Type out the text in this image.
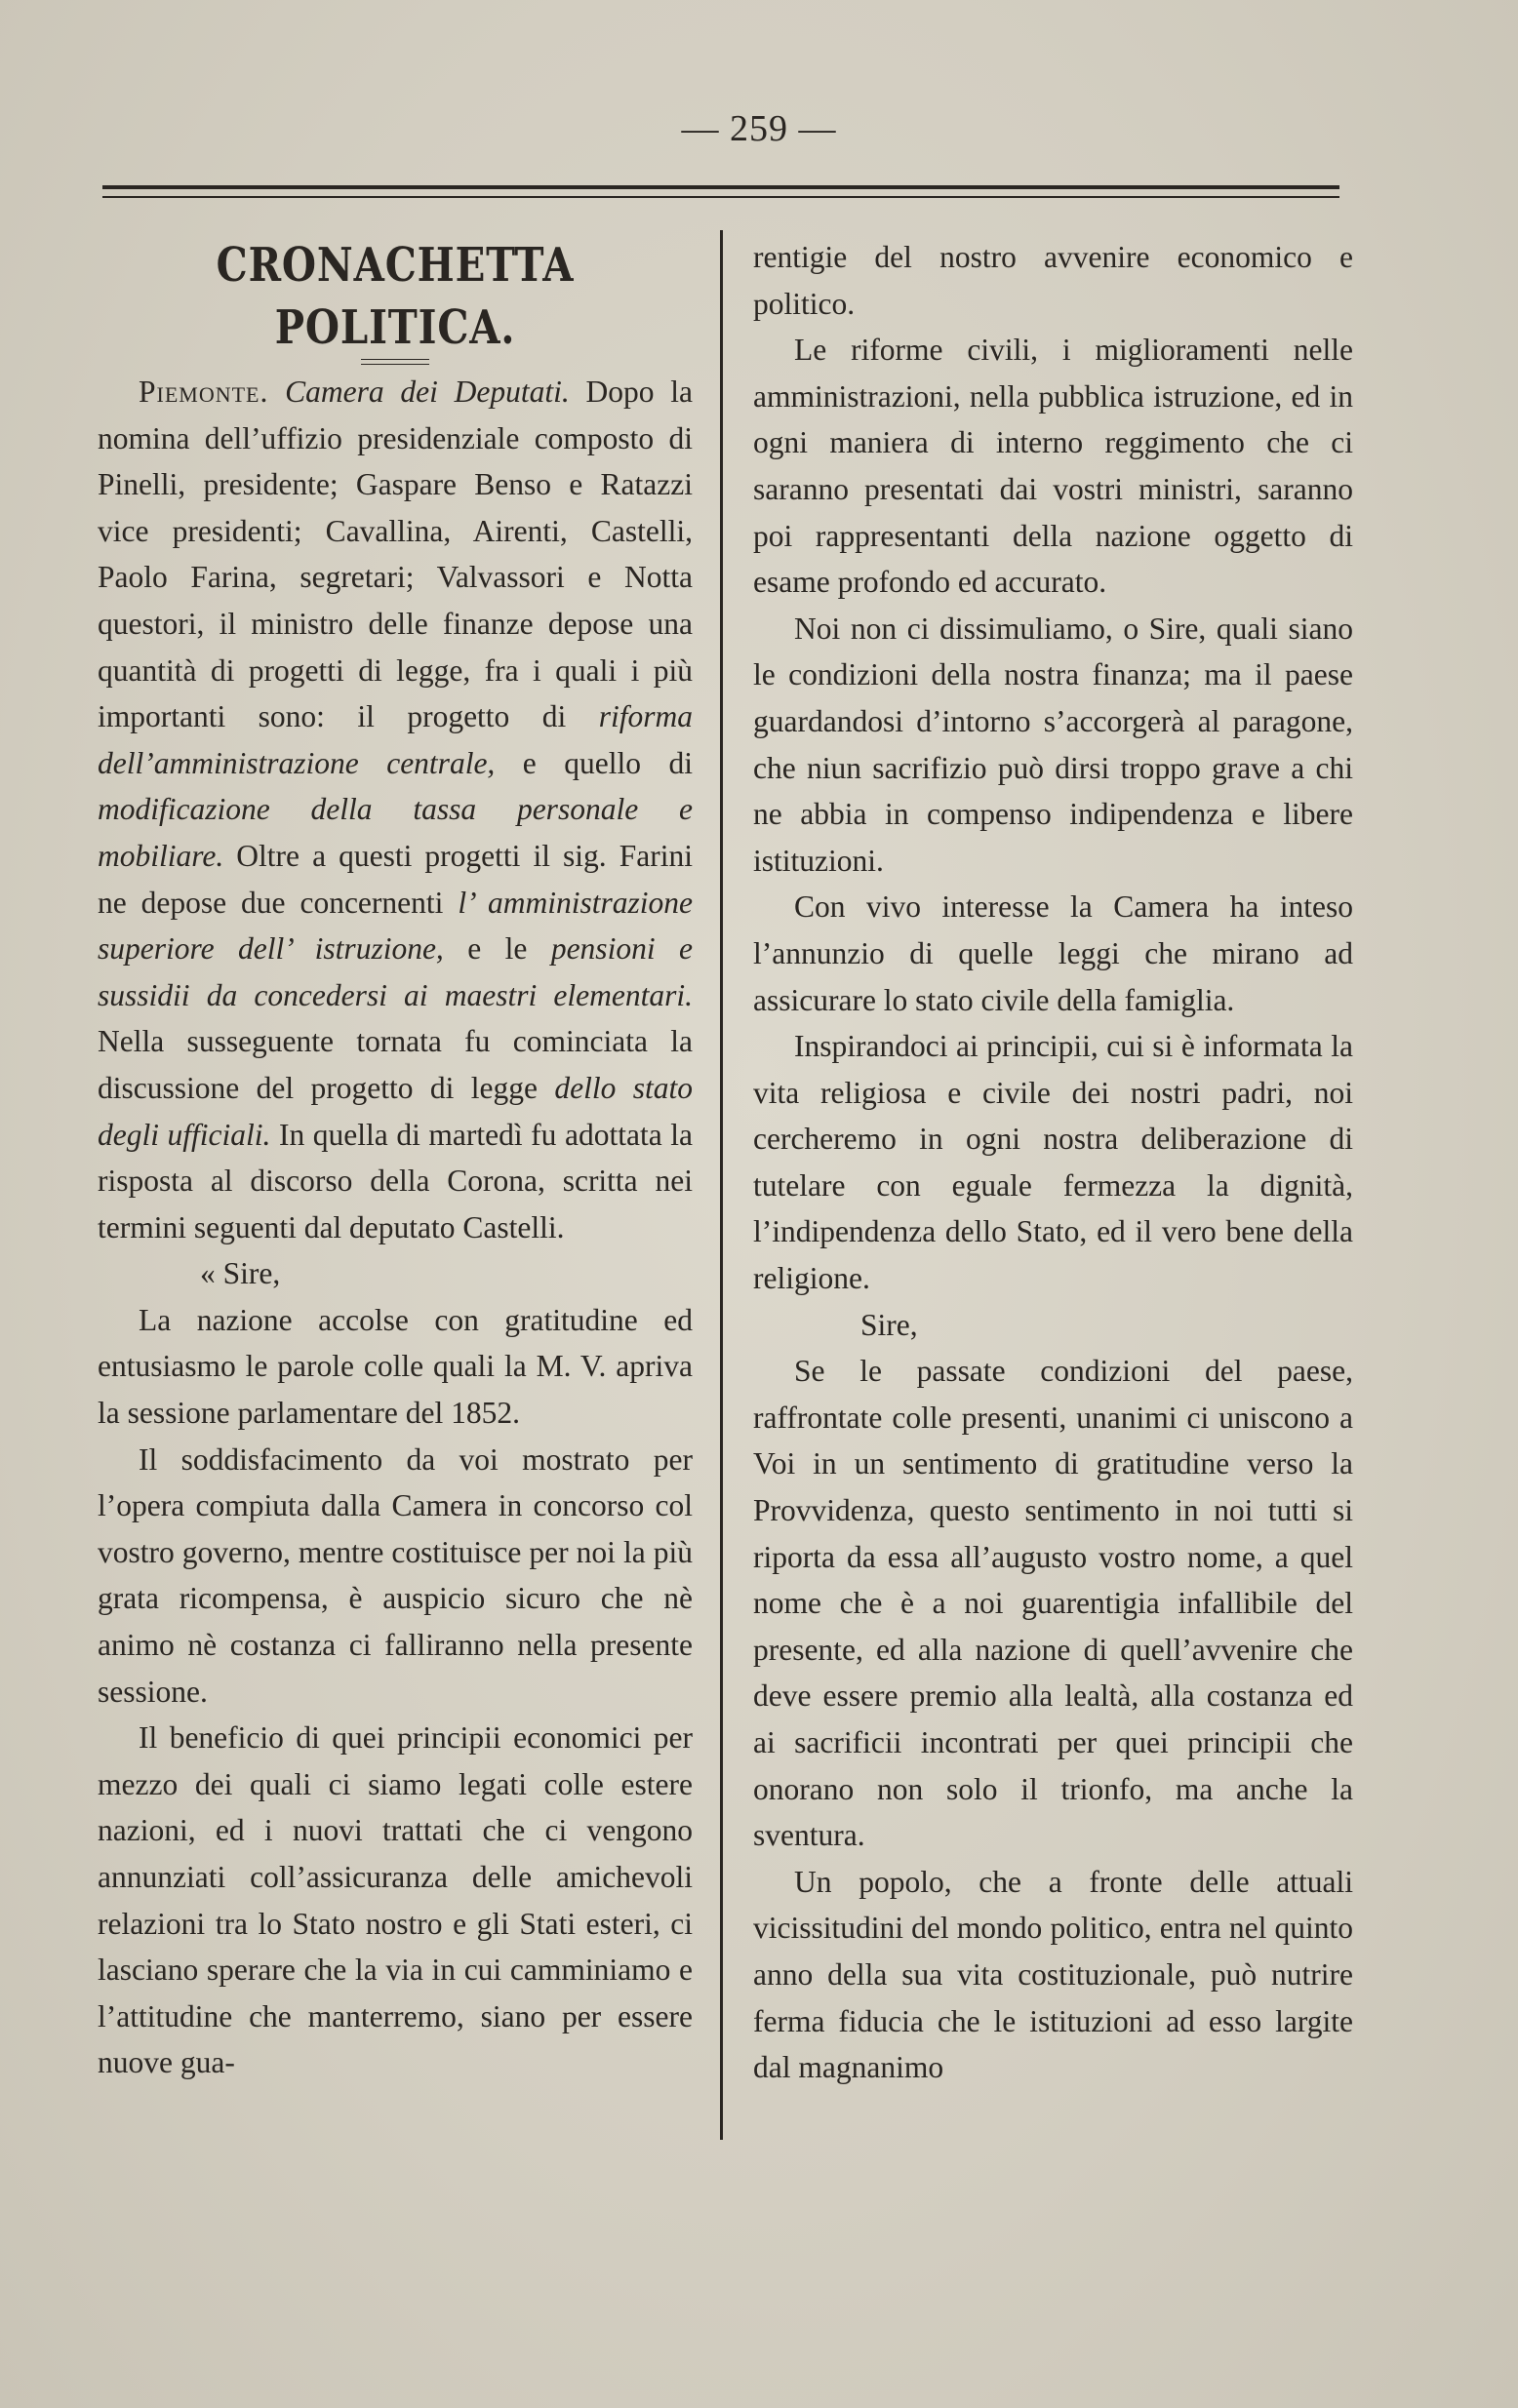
— 259 —
CRONACHETTA POLITICA.

Piemonte. Camera dei Deputati. Dopo la nomina dell’uffizio presidenziale composto di Pinelli, presidente; Gaspare Benso e Ratazzi vice presidenti; Cavallina, Airenti, Castelli, Paolo Farina, segretari; Valvassori e Notta questori, il ministro delle finanze depose una quantità di progetti di legge, fra i quali i più importanti sono: il progetto di riforma dell’amministrazione centrale, e quello di modificazione della tassa personale e mobiliare. Oltre a questi progetti il sig. Farini ne depose due concernenti l’ amministrazione superiore dell’ istruzione, e le pensioni e sussidii da concedersi ai maestri elementari. Nella susseguente tornata fu cominciata la discussione del progetto di legge dello stato degli ufficiali. In quella di martedì fu adottata la risposta al discorso della Corona, scritta nei termini seguenti dal deputato Castelli.

« Sire,

La nazione accolse con gratitudine ed entusiasmo le parole colle quali la M. V. apriva la sessione parlamentare del 1852.

Il soddisfacimento da voi mostrato per l’opera compiuta dalla Camera in concorso col vostro governo, mentre costituisce per noi la più grata ricompensa, è auspicio sicuro che nè animo nè costanza ci falliranno nella presente sessione.

Il beneficio di quei principii economici per mezzo dei quali ci siamo legati colle estere nazioni, ed i nuovi trattati che ci vengono annunziati coll’assicuranza delle amichevoli relazioni tra lo Stato nostro e gli Stati esteri, ci lasciano sperare che la via in cui camminiamo e l’attitudine che manterremo, siano per essere nuove gua-

rentigie del nostro avvenire economico e politico.

Le riforme civili, i miglioramenti nelle amministrazioni, nella pubblica istruzione, ed in ogni maniera di interno reggimento che ci saranno presentati dai vostri ministri, saranno poi rappresentanti della nazione oggetto di esame profondo ed accurato.

Noi non ci dissimuliamo, o Sire, quali siano le condizioni della nostra finanza; ma il paese guardandosi d’intorno s’accorgerà al paragone, che niun sacrifizio può dirsi troppo grave a chi ne abbia in compenso indipendenza e libere istituzioni.

Con vivo interesse la Camera ha inteso l’annunzio di quelle leggi che mirano ad assicurare lo stato civile della famiglia.

Inspirandoci ai principii, cui si è informata la vita religiosa e civile dei nostri padri, noi cercheremo in ogni nostra deliberazione di tutelare con eguale fermezza la dignità, l’indipendenza dello Stato, ed il vero bene della religione.

Sire,

Se le passate condizioni del paese, raffrontate colle presenti, unanimi ci uniscono a Voi in un sentimento di gratitudine verso la Provvidenza, questo sentimento in noi tutti si riporta da essa all’augusto vostro nome, a quel nome che è a noi guarentigia infallibile del presente, ed alla nazione di quell’avvenire che deve essere premio alla lealtà, alla costanza ed ai sacrificii incontrati per quei principii che onorano non solo il trionfo, ma anche la sventura.

Un popolo, che a fronte delle attuali vicissitudini del mondo politico, entra nel quinto anno della sua vita costituzionale, può nutrire ferma fiducia che le istituzioni ad esso largite dal magnanimo
